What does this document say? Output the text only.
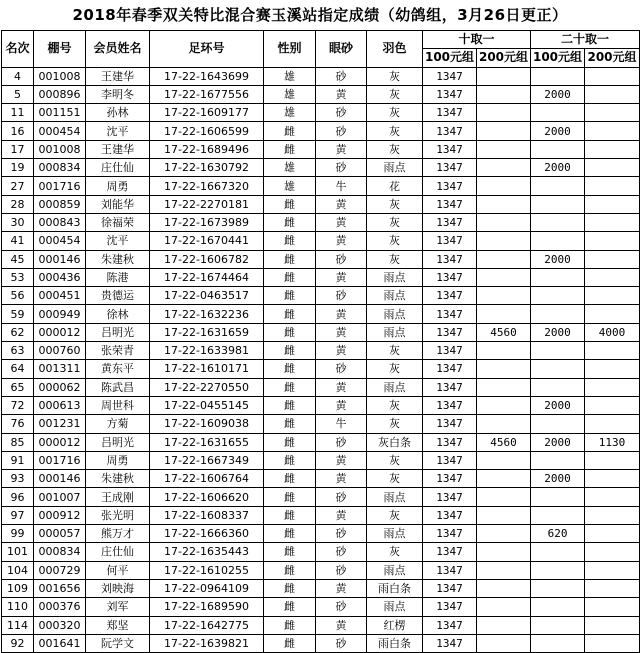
2018年春季双关特比混合赛玉溪站指定成绩（幼鸽组，3月26日更正）
名次	棚号	会员姓名	足环号	性别	眼砂	羽色	十取一		二十取一	
							100元组	200元组	100元组	200元组
4	001008	王建华	17-22-1643699	雄	砂	灰	1347			
5	000896	李明冬	17-22-1677556	雄	黄	灰	1347		2000	
11	001151	孙林	17-22-1609177	雄	砂	灰	1347			
16	000454	沈平	17-22-1606599	雌	砂	灰	1347		2000	
17	001008	王建华	17-22-1689496	雌	黄	灰	1347			
19	000834	庄仕仙	17-22-1630792	雄	砂	雨点	1347		2000	
27	001716	周勇	17-22-1667320	雄	牛	花	1347			
28	000859	刘能华	17-22-2270181	雌	黄	灰	1347			
30	000843	徐福荣	17-22-1673989	雌	黄	灰	1347			
41	000454	沈平	17-22-1670441	雌	黄	灰	1347			
45	000146	朱建秋	17-22-1606782	雌	砂	灰	1347		2000	
53	000436	陈港	17-22-1674464	雌	黄	雨点	1347			
56	000451	贵德运	17-22-0463517	雌	砂	雨点	1347			
59	000949	徐林	17-22-1632236	雌	黄	雨点	1347			
62	000012	吕明光	17-22-1631659	雌	黄	雨点	1347	4560	2000	4000
63	000760	张荣青	17-22-1633981	雌	黄	灰	1347			
64	001311	黄东平	17-22-1610171	雌	砂	灰	1347			
65	000062	陈武昌	17-22-2270550	雌	黄	雨点	1347			
72	000613	周世科	17-22-0455145	雌	黄	灰	1347		2000	
76	001231	方菊	17-22-1609038	雌	牛	灰	1347			
85	000012	吕明光	17-22-1631655	雌	砂	灰白条	1347	4560	2000	1130
91	001716	周勇	17-22-1667349	雌	黄	灰	1347			
93	000146	朱建秋	17-22-1606764	雌	黄	灰	1347		2000	
96	001007	王成刚	17-22-1606620	雌	砂	雨点	1347			
97	000912	张光明	17-22-1608337	雌	黄	灰	1347			
99	000057	熊万才	17-22-1666360	雌	砂	雨点	1347		620	
101	000834	庄仕仙	17-22-1635443	雌	砂	灰	1347			
104	000729	何平	17-22-1610255	雌	砂	雨点	1347			
109	001656	刘映海	17-22-0964109	雌	黄	雨白条	1347			
110	000376	刘军	17-22-1689590	雌	砂	雨点	1347			
114	000320	郑坚	17-22-1642775	雌	黄	红楞	1347			
92	001641	阮学文	17-22-1639821	雌	砂	雨白条	1347			
